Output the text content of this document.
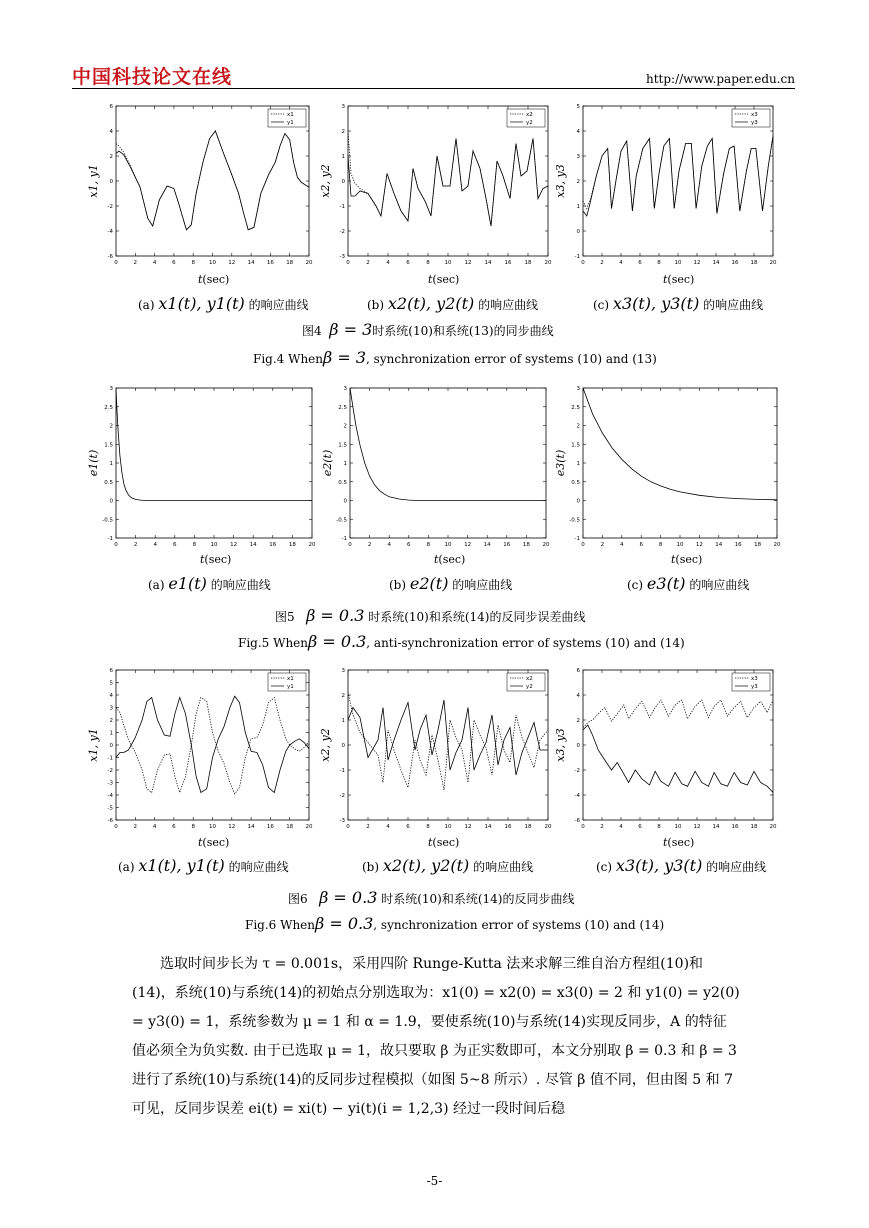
中国科技论文在线	http://www.paper.edu.cn
0	2	4	6	8	10 12 14 16 18 20
-6
-4
-2
0
2
4
6
x1, y1
x1
y1
0	2	4	6	8	10 12 14 16 18 20
-3
-2
-1
0
1
2
3
x2, y2
x2
y2
0	2	4	6	8	10 12 14 16 18 20
-1
0
1
2
3
4
5
x3, y3
x3
y3
t(sec)	t(sec)	t(sec)
(a) x1(t), y1(t) 的响应曲线	(b) x2(t), y2(t) 的响应曲线	(c) x3(t), y3(t) 的响应曲线
图4 β = 3时系统(10)和系统(13)的同步曲线
Fig.4 Whenβ = 3, synchronization error of systems (10) and (13)
0	2	4	6	8	10 12 14 16 18 20
-1
-0.5
0
0.5
1
1.5
2
2.5
3
e1(t)
0	2	4	6	8	10 12 14 16 18 20
-1
-0.5
0
0.5
1
1.5
2
2.5
3
e2(t)
0	2	4	6	8	10 12 14 16 18 20
-1
-0.5
0
0.5
1
1.5
2
2.5
3
e3(t)
t(sec)	t(sec)	t(sec)
(a) e1(t) 的响应曲线	(b) e2(t) 的响应曲线	(c) e3(t) 的响应曲线
图5 β = 0.3 时系统(10)和系统(14)的反同步误差曲线
Fig.5 Whenβ = 0.3, anti-synchronization error of systems (10) and (14)
0	2	4	6	8	10 12 14 16 18 20
-6
-5
-4
-3
-2
-1
0
1
2
3
4
5
6
x1, y1
x1
y1
0	2	4	6	8	10 12 14 16 18 20
-3
-2
-1
0
1
2
3
x2, y2
x2
y2
0	2	4	6	8	10 12 14 16 18 20
-6
-4
-2
0
2
4
6
x3, y3
x3
y3
t(sec)	t(sec)	t(sec)
(a) x1(t), y1(t) 的响应曲线	(b) x2(t), y2(t) 的响应曲线	(c) x3(t), y3(t) 的响应曲线
图6 β = 0.3 时系统(10)和系统(14)的反同步曲线
Fig.6 Whenβ = 0.3, synchronization error of systems (10) and (14)
选取时间步长为 τ = 0.001s，采用四阶 Runge-Kutta 法来求解三维自治方程组(10)和(14)，系统(10)与系统(14)的初始点分别选取为：x1(0) = x2(0) = x3(0) = 2 和 y1(0) = y2(0) = y3(0) = 1，系统参数为 μ = 1 和 α = 1.9，要使系统(10)与系统(14)实现反同步，A 的特征值必须全为负实数. 由于已选取 μ = 1，故只要取 β 为正实数即可，本文分别取 β = 0.3 和 β = 3 进行了系统(10)与系统(14)的反同步过程模拟（如图 5~8 所示）. 尽管 β 值不同，但由图 5 和 7 可见，反同步误差 ei(t) = xi(t) − yi(t)(i = 1,2,3) 经过一段时间后稳
-5-
